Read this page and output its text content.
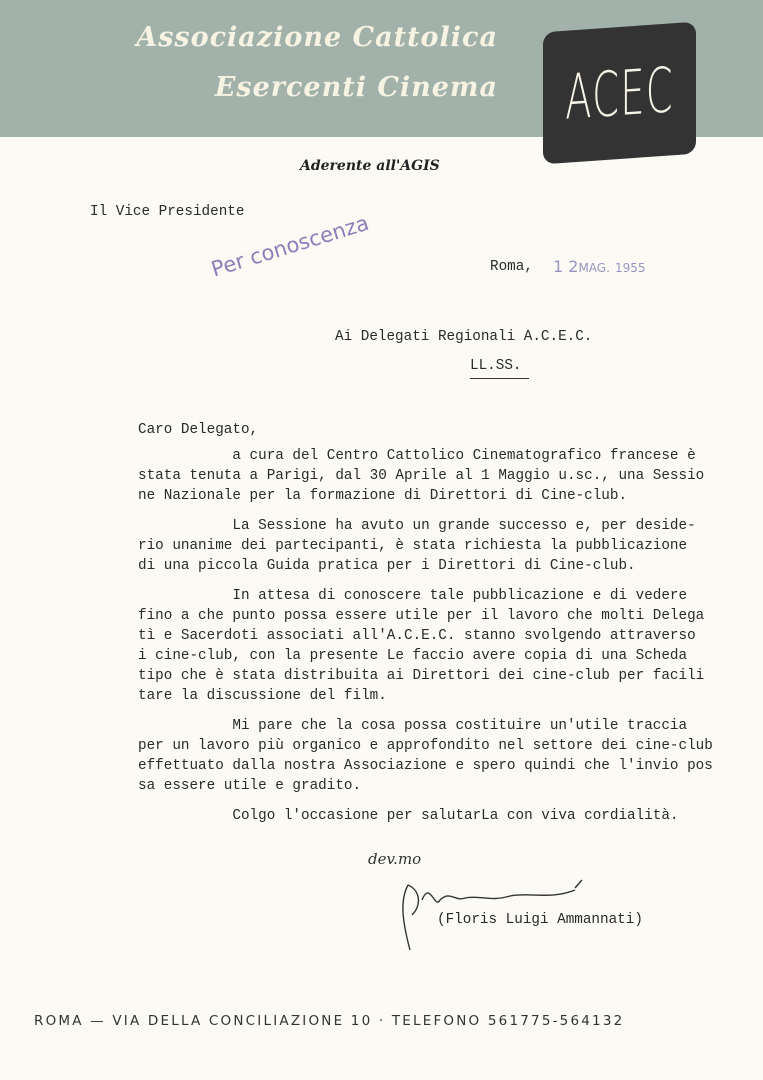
Associazione Cattolica
Esercenti Cinema ACEC
Aderente all'AGIS
Il Vice Presidente
Per conoscenza	Roma, 1 2MAG. 1955
Ai Delegati Regionali A.C.E.C.
LL.SS.
Caro Delegato,

a cura del Centro Cattolico Cinematografico francese è
stata tenuta a Parigi, dal 30 Aprile al 1 Maggio u.sc., una Sessio
ne Nazionale per la formazione di Direttori di Cine-club.

La Sessione ha avuto un grande successo e, per deside-
rio unanime dei partecipanti, è stata richiesta la pubblicazione
di una piccola Guida pratica per i Direttori di Cine-club.

In attesa di conoscere tale pubblicazione e di vedere
fino a che punto possa essere utile per il lavoro che molti Delega
tì e Sacerdoti associati all'A.C.E.C. stanno svolgendo attraverso
i cine-club, con la presente Le faccio avere copia di una Scheda
tipo che è stata distribuita ai Direttori dei cine-club per facili
tare la discussione del film.

Mi pare che la cosa possa costituire un'utile traccia
per un lavoro più organico e approfondito nel settore dei cine-club
effettuato dalla nostra Associazione e spero quindi che l'invio pos
sa essere utile e gradito.

Colgo l'occasione per salutarLa con viva cordialità.

dev.mo
(Floris Luigi Ammannati)
ROMA — VIA DELLA CONCILIAZIONE 10 · TELEFONO 561775-564132
